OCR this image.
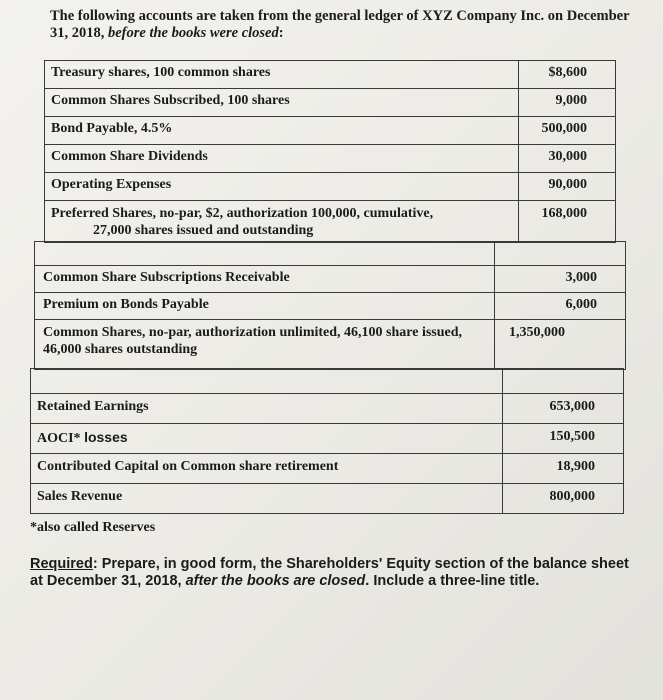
The following accounts are taken from the general ledger of XYZ Company Inc. on December 31, 2018, before the books were closed:
Treasury shares, 100 common shares	$8,600
Common Shares Subscribed, 100 shares	9,000
Bond Payable, 4.5%	500,000
Common Share Dividends	30,000
Operating Expenses	90,000
Preferred Shares, no-par, $2, authorization 100,000, cumulative,
27,000 shares issued and outstanding	168,000

Common Share Subscriptions Receivable	3,000
Premium on Bonds Payable	6,000
Common Shares, no-par, authorization unlimited, 46,100 share issued,
46,000 shares outstanding	1,350,000

Retained Earnings	653,000
AOCI* losses	150,500
Contributed Capital on Common share retirement	18,900
Sales Revenue	800,000
*also called Reserves
Required: Prepare, in good form, the Shareholders' Equity section of the balance sheet at December 31, 2018, after the books are closed. Include a three-line title.
